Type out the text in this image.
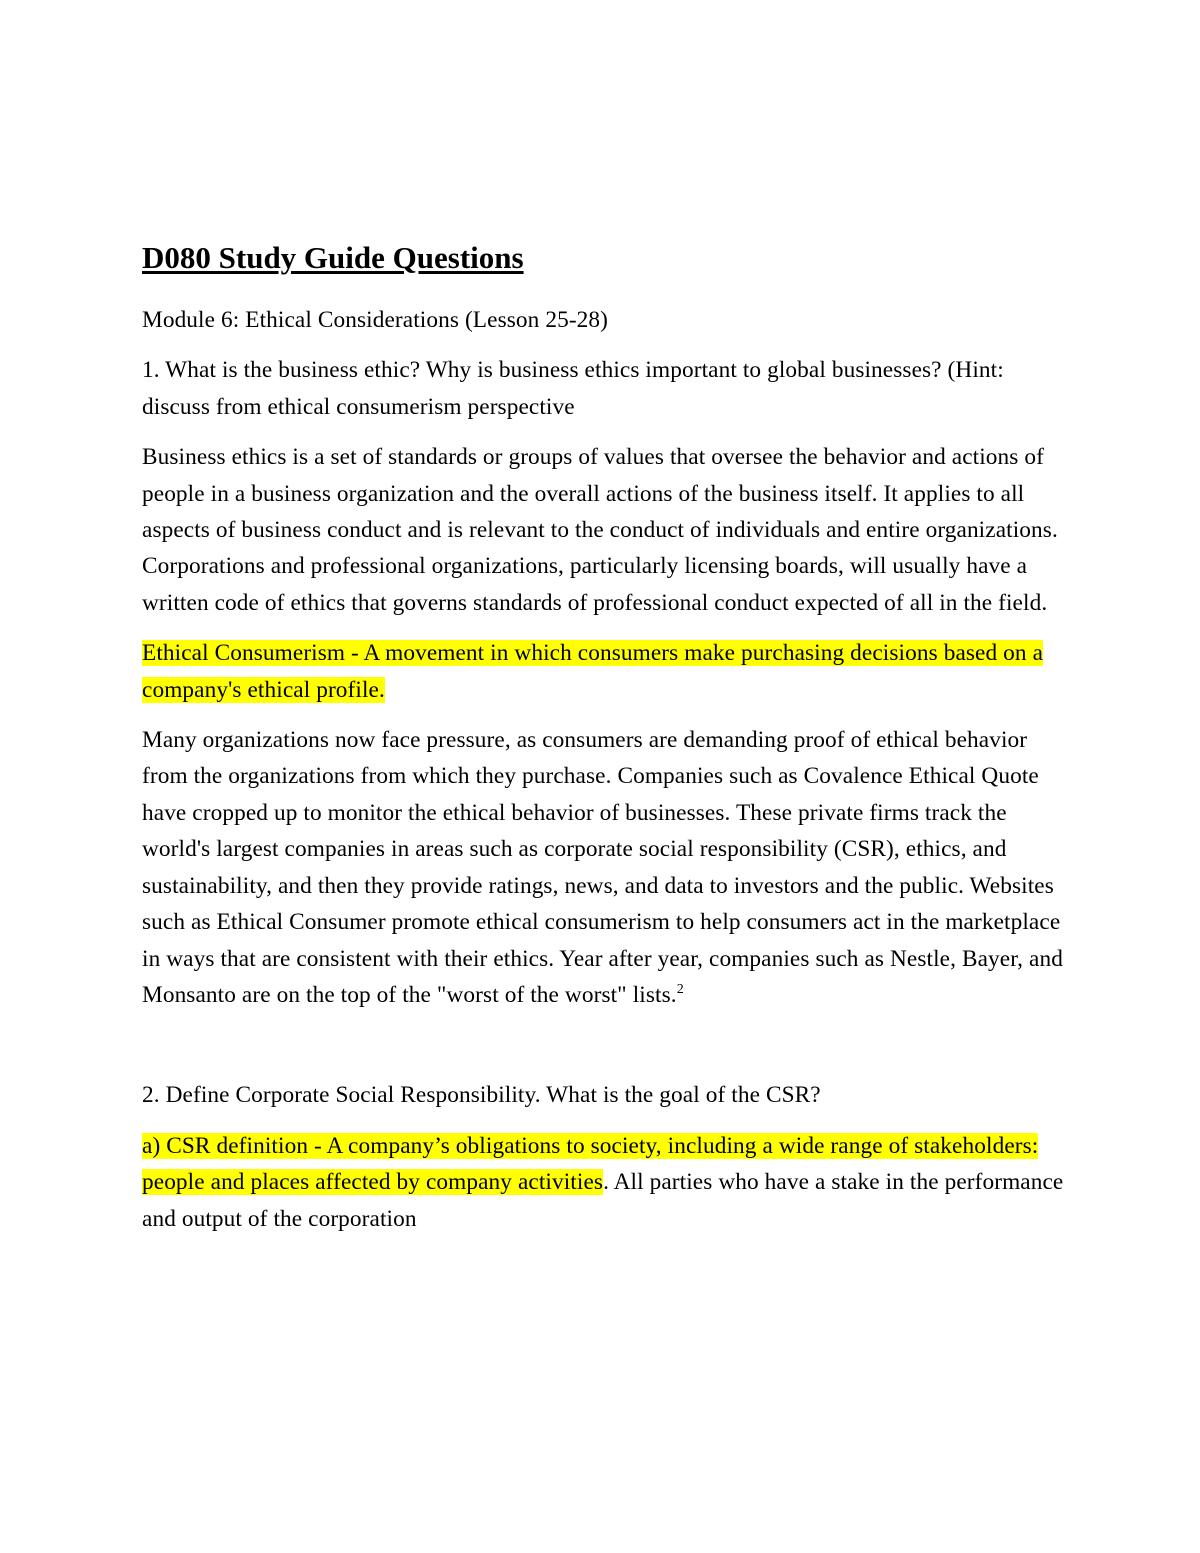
D080 Study Guide Questions

Module 6: Ethical Considerations (Lesson 25-28)

1. What is the business ethic? Why is business ethics important to global businesses? (Hint: discuss from ethical consumerism perspective

Business ethics is a set of standards or groups of values that oversee the behavior and actions of people in a business organization and the overall actions of the business itself. It applies to all aspects of business conduct and is relevant to the conduct of individuals and entire organizations. Corporations and professional organizations, particularly licensing boards, will usually have a written code of ethics that governs standards of professional conduct expected of all in the field.

Ethical Consumerism - A movement in which consumers make purchasing decisions based on a company's ethical profile.

Many organizations now face pressure, as consumers are demanding proof of ethical behavior from the organizations from which they purchase. Companies such as Covalence Ethical Quote have cropped up to monitor the ethical behavior of businesses. These private firms track the world's largest companies in areas such as corporate social responsibility (CSR), ethics, and sustainability, and then they provide ratings, news, and data to investors and the public. Websites such as Ethical Consumer promote ethical consumerism to help consumers act in the marketplace in ways that are consistent with their ethics. Year after year, companies such as Nestle, Bayer, and Monsanto are on the top of the "worst of the worst" lists.$^2$

2. Define Corporate Social Responsibility. What is the goal of the CSR?

a) CSR definition - A company’s obligations to society, including a wide range of stakeholders: people and places affected by company activities. All parties who have a stake in the performance and output of the corporation
